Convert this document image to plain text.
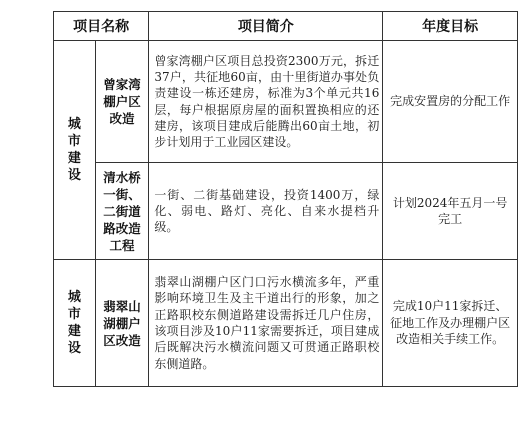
项目名称		项目简介	年度目标
城市建设	曾家湾棚户区改造	曾家湾棚户区项目总投资2300万元，拆迁37户，共征地60亩，由十里街道办事处负责建设一栋还建房，标准为3个单元共16层，每户根据原房屋的面积置换相应的还建房，该项目建成后能腾出60亩土地，初步计划用于工业园区建设。	完成安置房的分配工作
	清水桥一街、二街道路改造工程	一街、二街基础建设，投资1400万，绿化、弱电、路灯、亮化、自来水提档升级。	计划2024年五月一号完工
城市建设	翡翠山湖棚户区改造	翡翠山湖棚户区门口污水横流多年，严重影响环境卫生及主干道出行的形象，加之正路职校东侧道路建设需拆迁几户住房，该项目涉及10户11家需要拆迁，项目建成后既解决污水横流问题又可贯通正路职校东侧道路。	完成10户11家拆迁、征地工作及办理棚户区改造相关手续工作。
